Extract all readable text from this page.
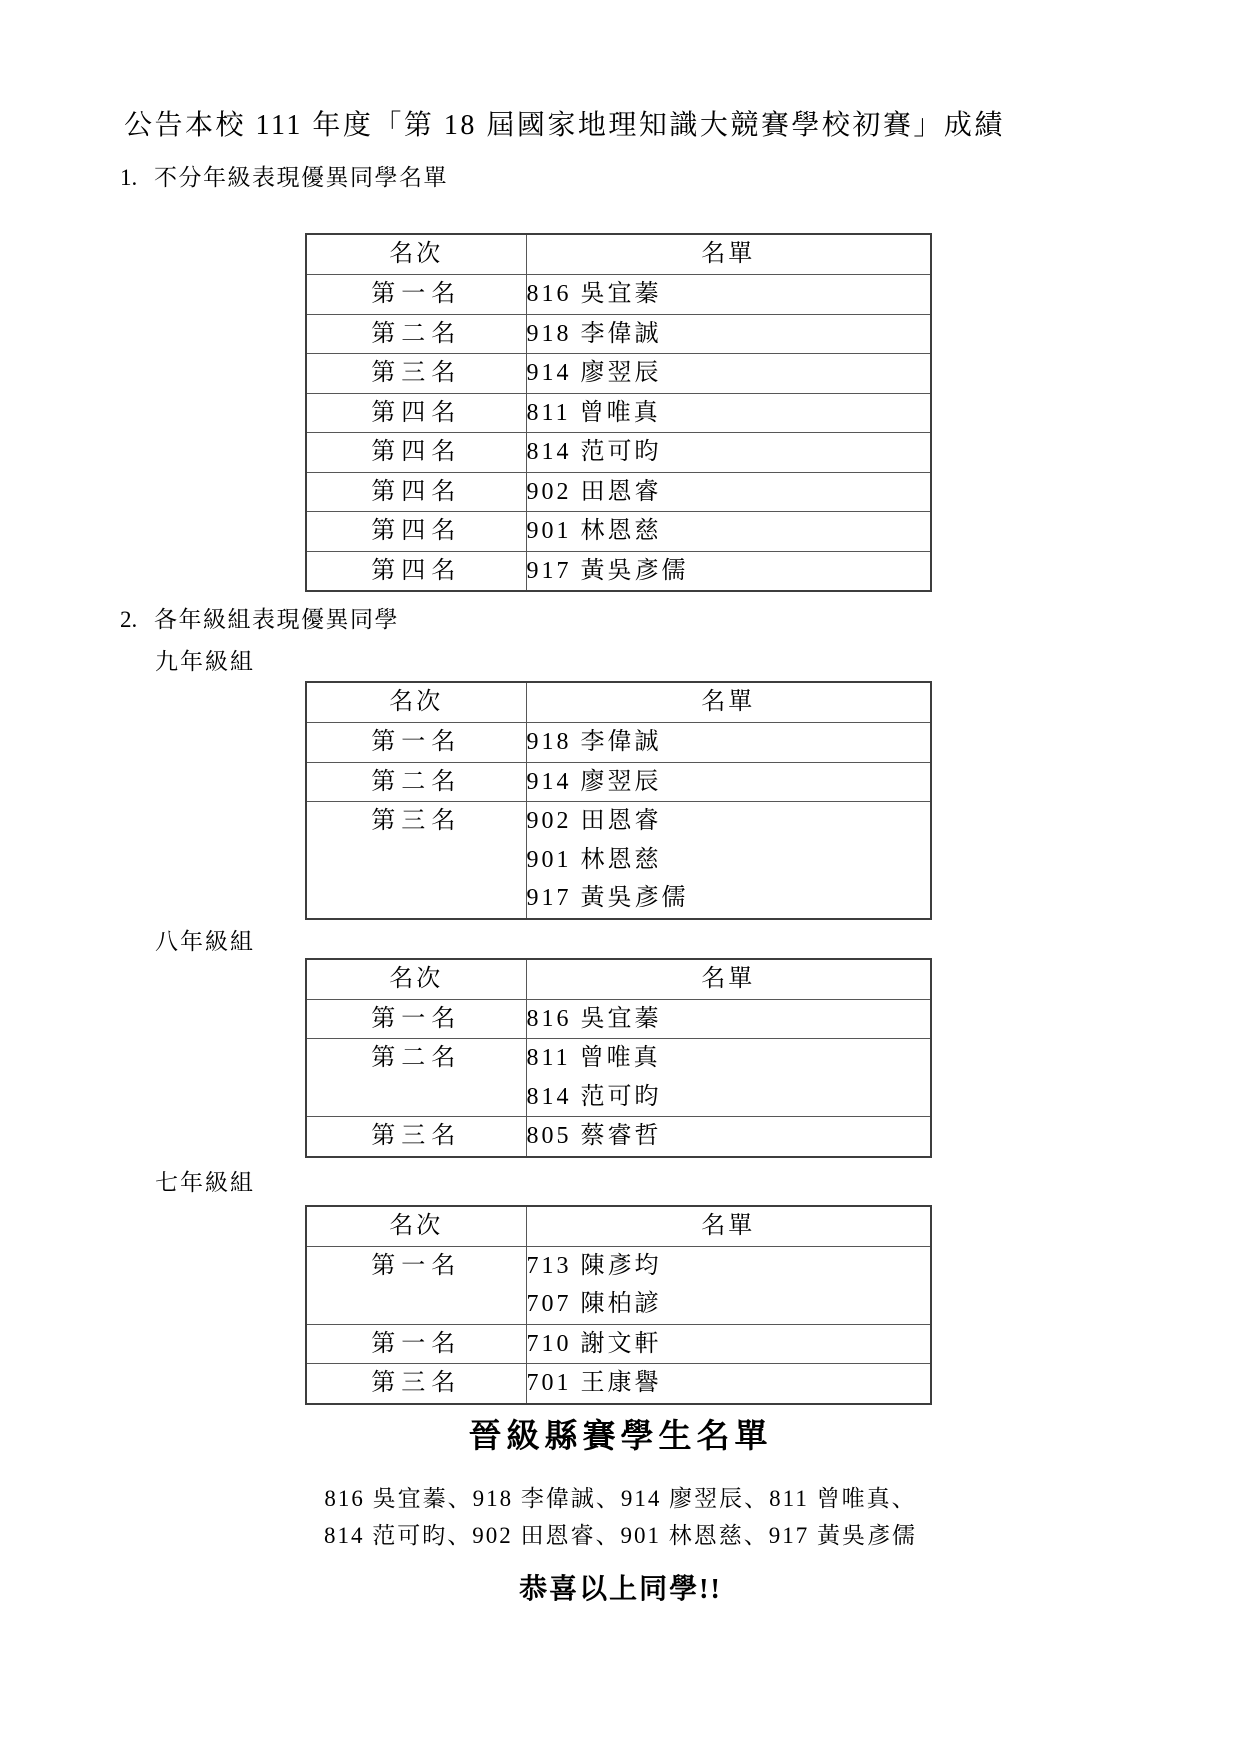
公告本校 111 年度「第 18 屆國家地理知識大競賽學校初賽」成績
1. 不分年級表現優異同學名單
名次	名單
第一名	816 吳宜蓁

第二名	918 李偉誠

第三名	914 廖翌辰

第四名	811 曾唯真

第四名	814 范可昀

第四名	902 田恩睿

第四名	901 林恩慈

第四名	917 黃吳彥儒
2. 各年級組表現優異同學
九年級組
名次	名單
第一名	918 李偉誠

第二名	914 廖翌辰

第三名	902 田恩睿
901 林恩慈
917 黃吳彥儒
八年級組
名次	名單
第一名	816 吳宜蓁

第二名	811 曾唯真
814 范可昀

第三名	805 蔡睿哲
七年級組
名次	名單
第一名	713 陳彥均
707 陳柏諺

第一名	710 謝文軒

第三名	701 王康譽
晉級縣賽學生名單
816 吳宜蓁、918 李偉誠、914 廖翌辰、811 曾唯真、
814 范可昀、902 田恩睿、901 林恩慈、917 黃吳彥儒
恭喜以上同學!!
